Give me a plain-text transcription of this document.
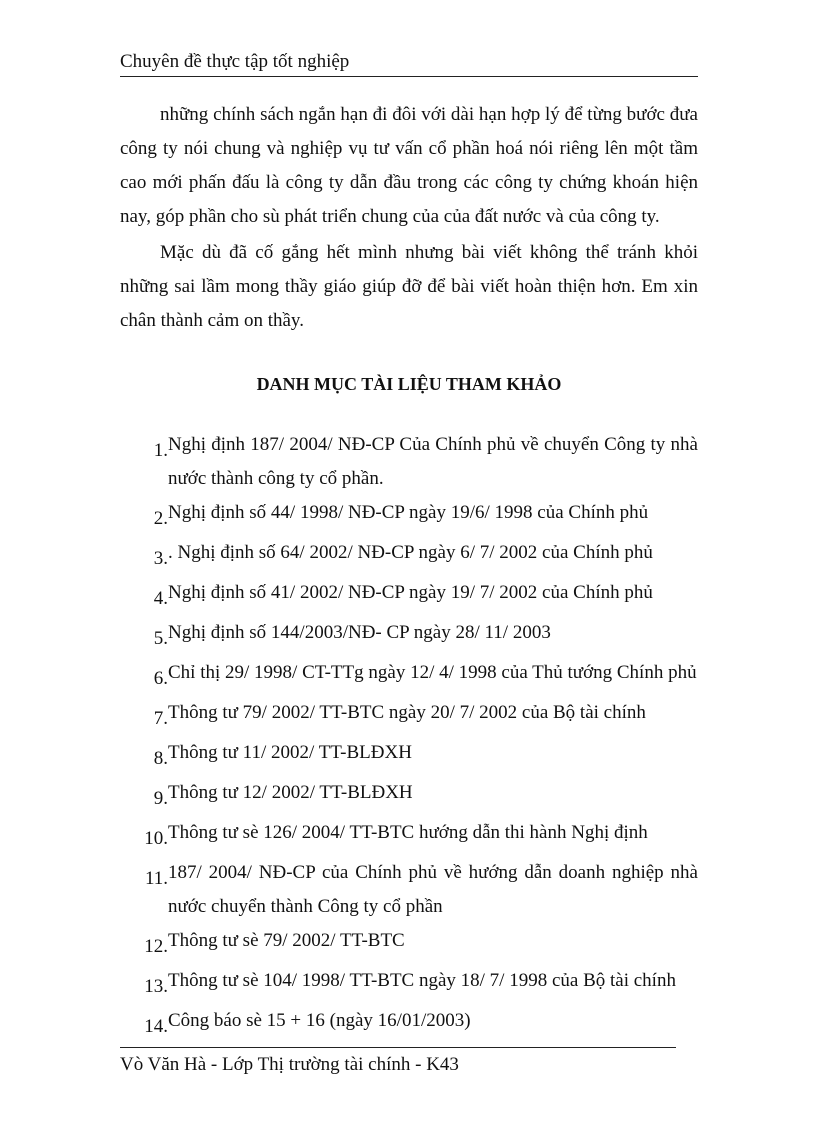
Chuyên đề thực tập tốt nghiệp

những chính sách ngắn hạn đi đôi với dài hạn hợp lý để từng bước đưa công ty nói chung và nghiệp vụ tư vấn cổ phần hoá nói riêng lên một tầm cao mới phấn đấu là công ty dẫn đầu trong các công ty chứng khoán hiện nay, góp phần cho sù phát triển chung của của đất nước và của công ty.

Mặc dù đã cố gắng hết mình nhưng bài viết không thể tránh khỏi những sai lầm mong thầy giáo giúp đỡ để bài viết hoàn thiện hơn. Em xin chân thành cảm on thầy.

DANH MỤC TÀI LIỆU THAM KHẢO
1. Nghị định 187/ 2004/ NĐ-CP Của Chính phủ về chuyển Công ty nhà nước thành công ty cổ phần.
2. Nghị định số 44/ 1998/ NĐ-CP ngày 19/6/ 1998 của Chính phủ
3. . Nghị định số 64/ 2002/ NĐ-CP ngày 6/ 7/ 2002 của Chính phủ
4. Nghị định số 41/ 2002/ NĐ-CP ngày 19/ 7/ 2002 của Chính phủ
5. Nghị định số 144/2003/NĐ- CP ngày 28/ 11/ 2003
6. Chỉ thị 29/ 1998/ CT-TTg ngày 12/ 4/ 1998 của Thủ tướng Chính phủ
7. Thông tư 79/ 2002/ TT-BTC ngày 20/ 7/ 2002 của Bộ tài chính
8. Thông tư 11/ 2002/ TT-BLĐXH
9. Thông tư 12/ 2002/ TT-BLĐXH
10. Thông tư sè 126/ 2004/ TT-BTC hướng dẫn thi hành Nghị định
11. 187/ 2004/ NĐ-CP của Chính phủ về hướng dẫn doanh nghiệp nhà nước chuyển thành Công ty cổ phần
12. Thông tư sè 79/ 2002/ TT-BTC
13. Thông tư sè 104/ 1998/ TT-BTC ngày 18/ 7/ 1998 của Bộ tài chính
14. Công báo sè 15 + 16 (ngày 16/01/2003)
Vò Văn Hà - Lớp Thị trường tài chính - K43
